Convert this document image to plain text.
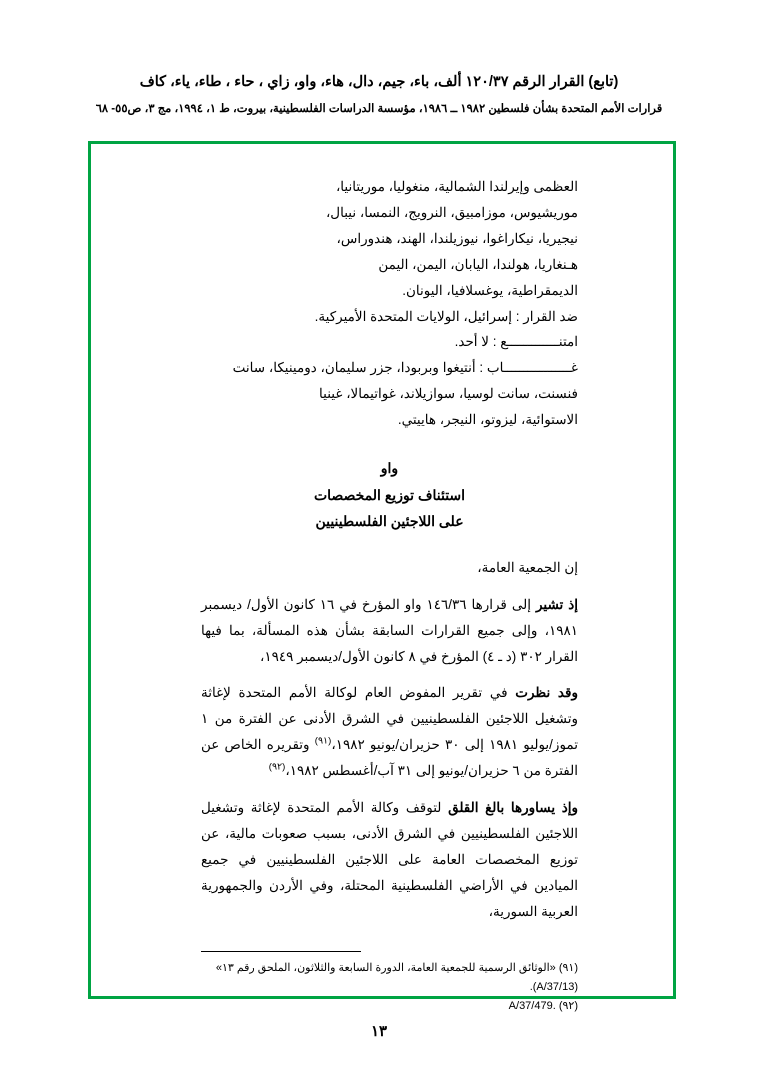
(تابع) القرار الرقم ١٢٠/٣٧ ألف، باء، جيم، دال، هاء، واو، زاي ، حاء ، طاء، ياء، كاف
قرارات الأمم المتحدة بشأن فلسطين ١٩٨٢ ــ ١٩٨٦، مؤسسة الدراسات الفلسطينية، بيروت، ط ١، ١٩٩٤، مج ٣، ص٥٥- ٦٨
العظمى وإيرلندا الشمالية، منغوليا، موريتانيا،
موريشيوس، موزامبيق، النرويج، النمسا، نيبال،
نيجيريا، نيكاراغوا، نيوزيلندا، الهند، هندوراس،
هـنغاريا، هولندا، اليابان، اليمن، اليمن
الديمقراطية، يوغسلافيا، اليونان.
ضد القرار : إسرائيل، الولايات المتحدة الأميركية.
امتنـــــــــــــع : لا أحد.
غـــــــــــــــــاب : أنتيغوا وبربودا، جزر سليمان، دومينيكا، سانت
فنسنت، سانت لوسيا، سوازيلاند، غواتيمالا، غينيا
الاستوائية، ليزوتو، النيجر، هاييتي.
واو
استئناف توزيع المخصصات
على اللاجئين الفلسطينيين
إن الجمعية العامة،
إذ تشير إلى قرارها ١٤٦/٣٦ واو المؤرخ في ١٦ كانون الأول/ ديسمبر ١٩٨١، وإلى جميع القرارات السابقة بشأن هذه المسألة، بما فيها القرار ٣٠٢ (د ـ ٤) المؤرخ في ٨ كانون الأول/ديسمبر ١٩٤٩،
وقد نظرت في تقرير المفوض العام لوكالة الأمم المتحدة لإغاثة وتشغيل اللاجئين الفلسطينيين في الشرق الأدنى عن الفترة من ١ تموز/يوليو ١٩٨١ إلى ٣٠ حزيران/يونيو ١٩٨٢،$^{(٩١)}$ وتقريره الخاص عن الفترة من ٦ حزيران/يونيو إلى ٣١ آب/أغسطس ١٩٨٢،$^{(٩٢)}$
وإذ يساورها بالغ القلق لتوقف وكالة الأمم المتحدة لإغاثة وتشغيل اللاجئين الفلسطينيين في الشرق الأدنى، بسبب صعوبات مالية، عن توزيع المخصصات العامة على اللاجئين الفلسطينيين في جميع الميادين في الأراضي الفلسطينية المحتلة، وفي الأردن والجمهورية العربية السورية،
(٩١) «الوثائق الرسمية للجمعية العامة، الدورة السابعة والثلاثون، الملحق رقم ١٣» (A/37/13).
(٩٢) A/37/479.
١٣
